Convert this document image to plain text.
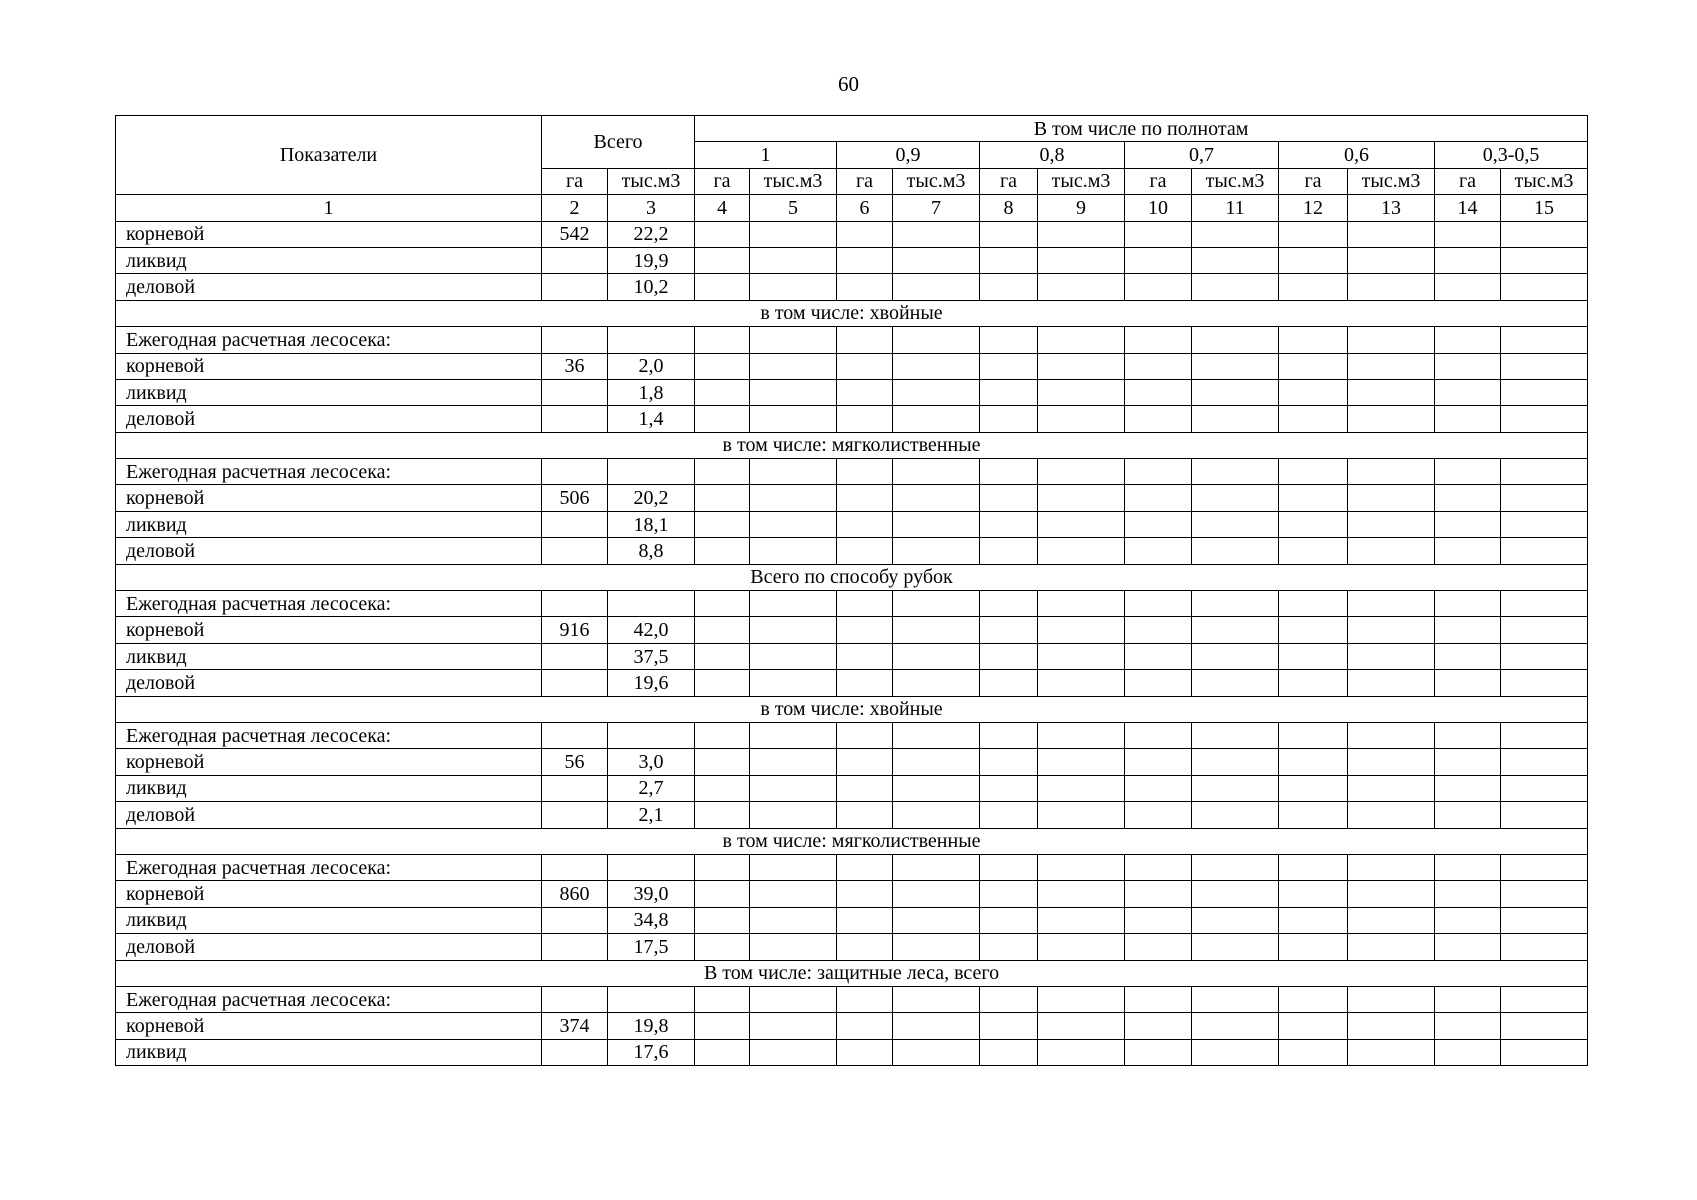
60
Показатели	Всего		В том числе по полнотам											
			1		0,9		0,8		0,7		0,6		0,3-0,5	
	га	тыс.м3	га	тыс.м3	га	тыс.м3	га	тыс.м3	га	тыс.м3	га	тыс.м3	га	тыс.м3
1	2	3	4	5	6	7	8	9	10	11	12	13	14	15
корневой	542	22,2												
ликвид		19,9												
деловой		10,2												
в том числе: хвойные														
Ежегодная расчетная лесосека:														
корневой	36	2,0												
ликвид		1,8												
деловой		1,4												
в том числе: мягколиственные														
Ежегодная расчетная лесосека:														
корневой	506	20,2												
ликвид		18,1												
деловой		8,8												
Всего по способу рубок														
Ежегодная расчетная лесосека:														
корневой	916	42,0												
ликвид		37,5												
деловой		19,6												
в том числе: хвойные														
Ежегодная расчетная лесосека:														
корневой	56	3,0												
ликвид		2,7												
деловой		2,1												
в том числе: мягколиственные														
Ежегодная расчетная лесосека:														
корневой	860	39,0												
ликвид		34,8												
деловой		17,5												
В том числе: защитные леса, всего														
Ежегодная расчетная лесосека:														
корневой	374	19,8												
ликвид		17,6												
